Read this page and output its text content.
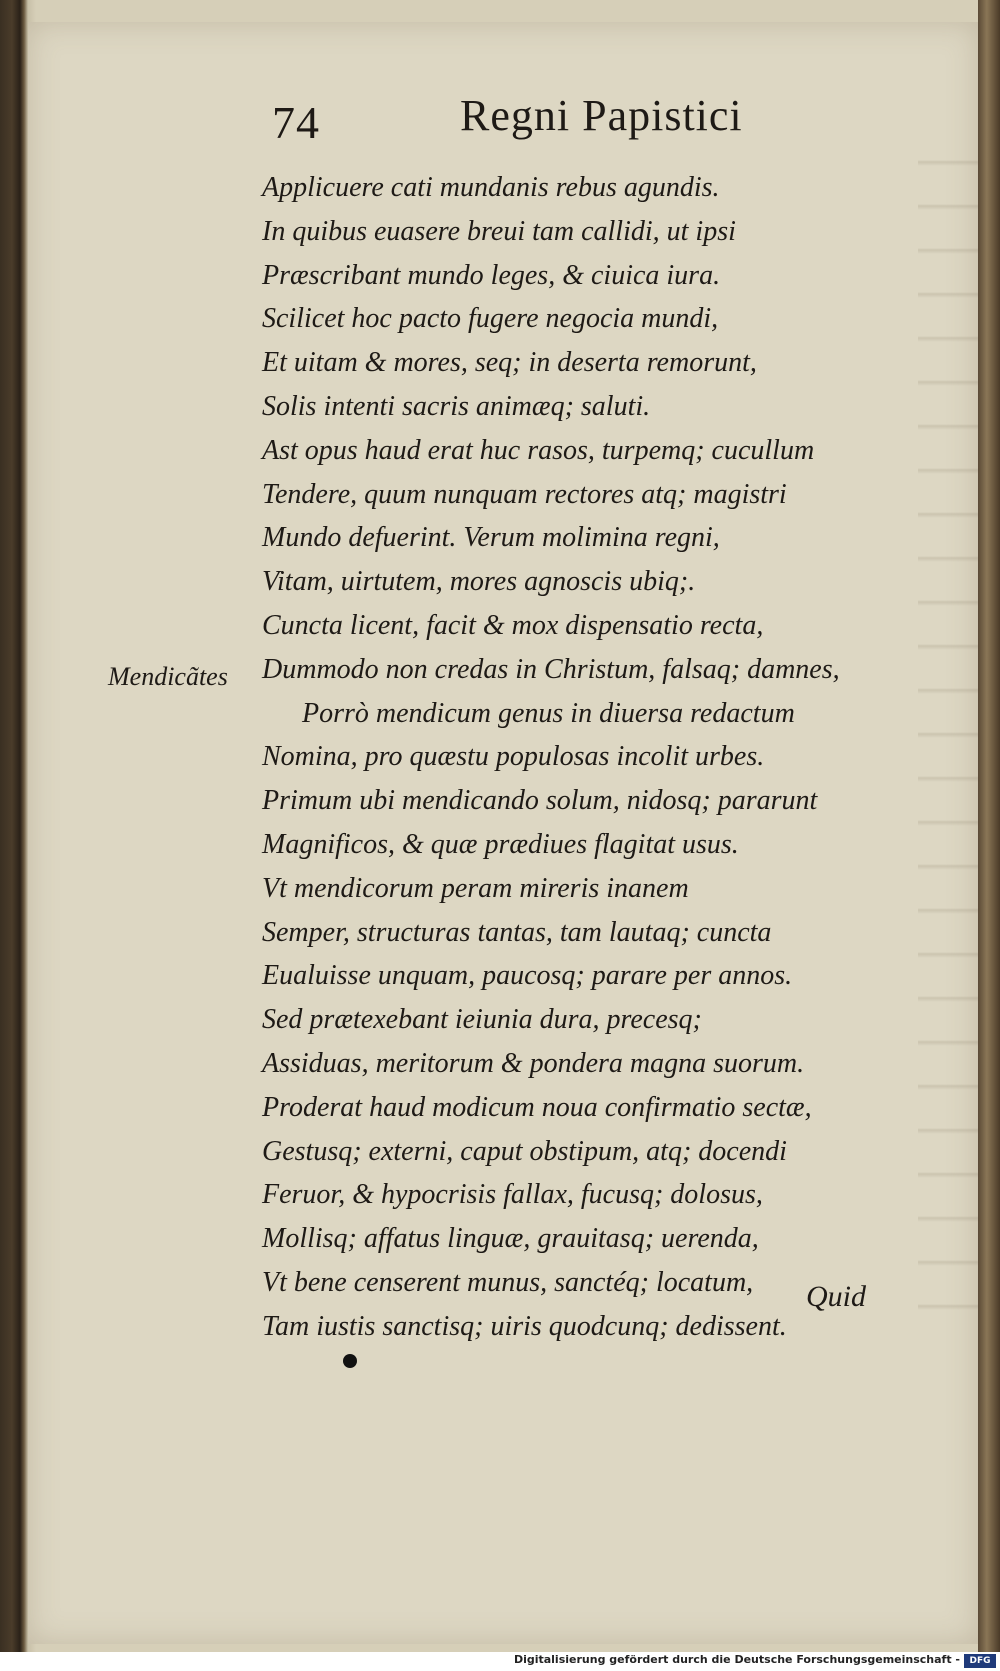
74	Regni Papistici
Mendicãtes
Applicuere cati mundanis rebus agundis.
In quibus euasere breui tam callidi, ut ipsi
Præscribant mundo leges, & ciuica iura.
Scilicet hoc pacto fugere negocia mundi,
Et uitam & mores, seq; in deserta remorunt,
Solis intenti sacris animæq; saluti.
Ast opus haud erat huc rasos, turpemq; cucullum
Tendere, quum nunquam rectores atq; magistri
Mundo defuerint. Verum molimina regni,
Vitam, uirtutem, mores agnoscis ubiq;.
Cuncta licent, facit & mox dispensatio recta,
Dummodo non credas in Christum, falsaq; damnes,
Porrò mendicum genus in diuersa redactum
Nomina, pro quæstu populosas incolit urbes.
Primum ubi mendicando solum, nidosq; pararunt
Magnificos, & quæ prædiues flagitat usus.
Vt mendicorum peram mireris inanem
Semper, structuras tantas, tam lautaq; cuncta
Eualuisse unquam, paucosq; parare per annos.
Sed prætexebant ieiunia dura, precesq;
Assiduas, meritorum & pondera magna suorum.
Proderat haud modicum noua confirmatio sectæ,
Gestusq; externi, caput obstipum, atq; docendi
Feruor, & hypocrisis fallax, fucusq; dolosus,
Mollisq; affatus linguæ, grauitasq; uerenda,
Vt bene censerent munus, sanctéq; locatum,
Tam iustis sanctisq; uiris quodcunq; dedissent.
Quid
Digitalisierung gefördert durch die Deutsche Forschungsgemeinschaft -	DFG
